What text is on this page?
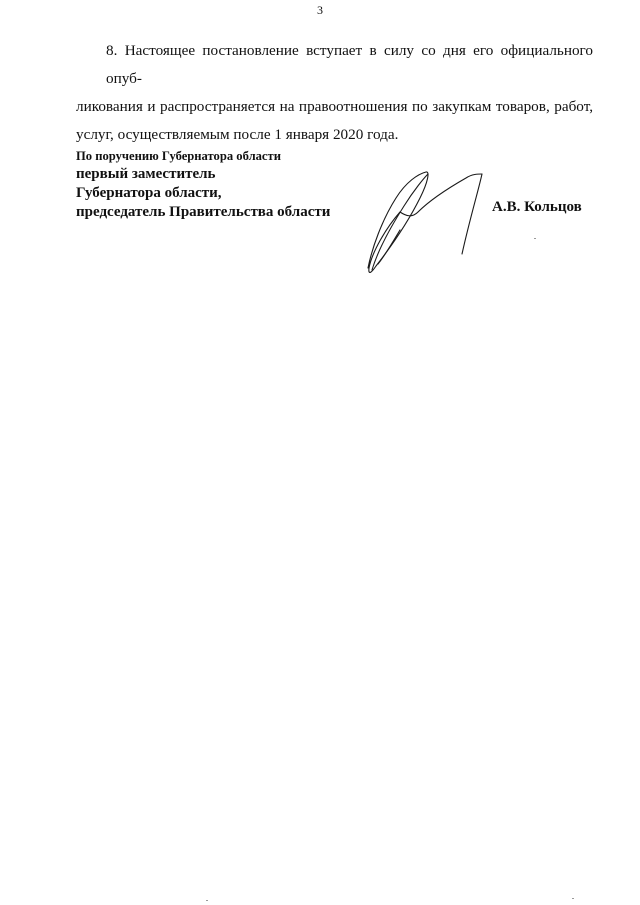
3
8. Настоящее постановление вступает в силу со дня его официального опуб-
ликования и распространяется на правоотношения по закупкам товаров, работ,
услуг, осуществляемым после 1 января 2020 года.
По поручению Губернатора области
первый заместитель
Губернатора области,
председатель Правительства области	А.В. Кольцов
